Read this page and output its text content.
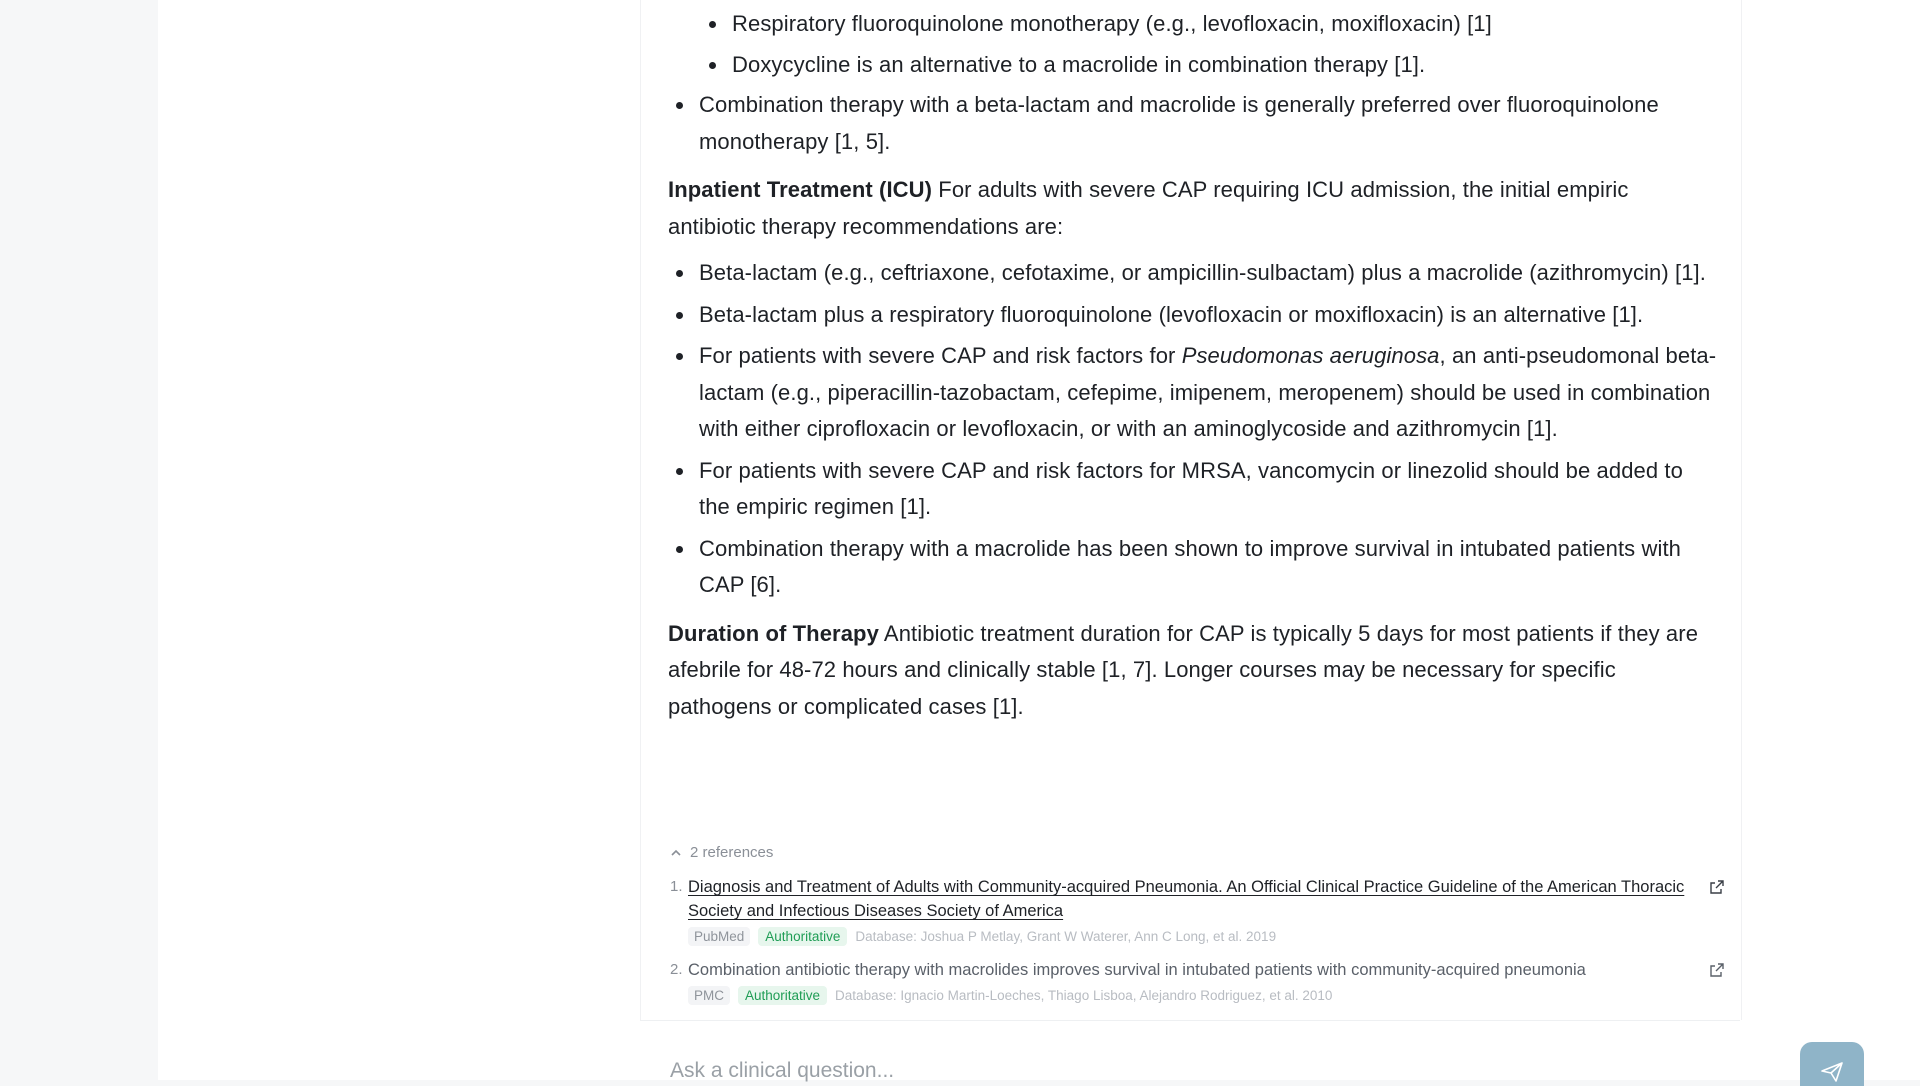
Respiratory fluoroquinolone monotherapy (e.g., levofloxacin, moxifloxacin) [1]
Doxycycline is an alternative to a macrolide in combination therapy [1].
Combination therapy with a beta-lactam and macrolide is generally preferred over fluoroquinolone monotherapy [1, 5].

Inpatient Treatment (ICU) For adults with severe CAP requiring ICU admission, the initial empiric antibiotic therapy recommendations are:

Beta-lactam (e.g., ceftriaxone, cefotaxime, or ampicillin-sulbactam) plus a macrolide (azithromycin) [1].
Beta-lactam plus a respiratory fluoroquinolone (levofloxacin or moxifloxacin) is an alternative [1].
For patients with severe CAP and risk factors for Pseudomonas aeruginosa, an anti-pseudomonal beta-lactam (e.g., piperacillin-tazobactam, cefepime, imipenem, meropenem) should be used in combination with either ciprofloxacin or levofloxacin, or with an aminoglycoside and azithromycin [1].
For patients with severe CAP and risk factors for MRSA, vancomycin or linezolid should be added to the empiric regimen [1].
Combination therapy with a macrolide has been shown to improve survival in intubated patients with CAP [6].

Duration of Therapy Antibiotic treatment duration for CAP is typically 5 days for most patients if they are afebrile for 48-72 hours and clinically stable [1, 7]. Longer courses may be necessary for specific pathogens or complicated cases [1].

2 references
1. Diagnosis and Treatment of Adults with Community-acquired Pneumonia. An Official Clinical Practice Guideline of the American Thoracic Society and Infectious Diseases Society of America
PubMed	Authoritative	Database: Joshua P Metlay, Grant W Waterer, Ann C Long, et al. 2019
2. Combination antibiotic therapy with macrolides improves survival in intubated patients with community-acquired pneumonia
PMC	Authoritative	Database: Ignacio Martin-Loeches, Thiago Lisboa, Alejandro Rodriguez, et al. 2010
Ask a clinical question...
